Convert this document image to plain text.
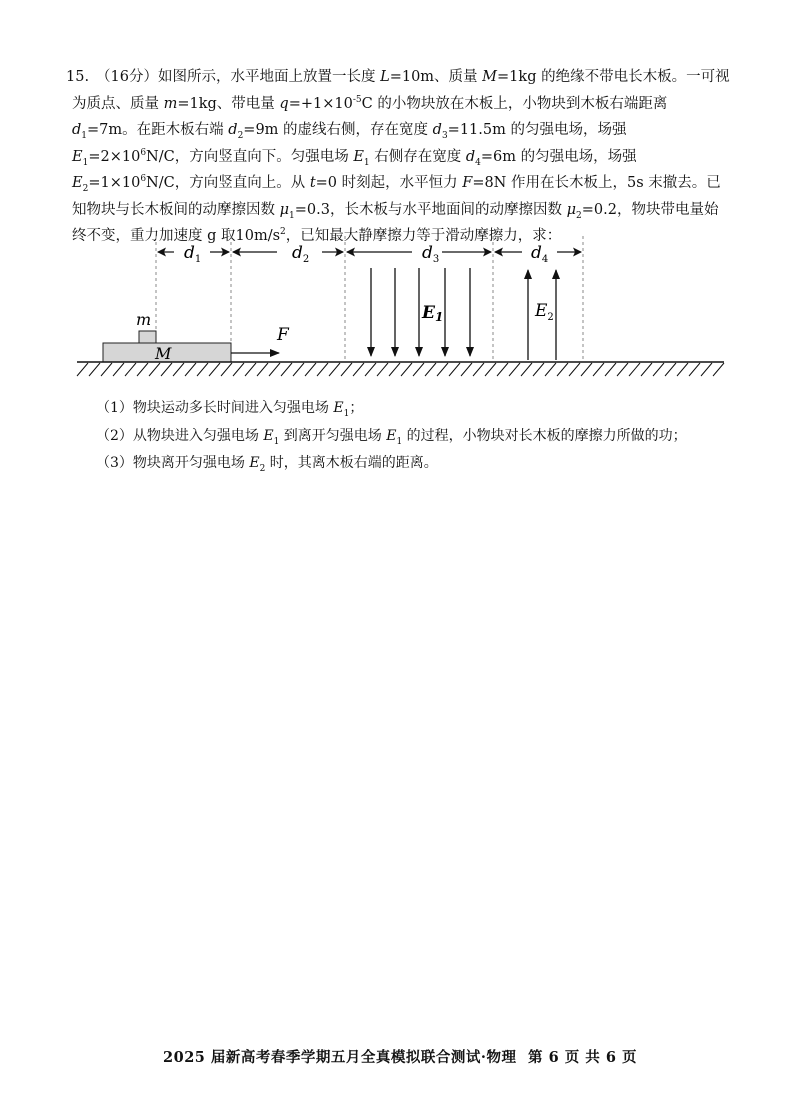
15. （16分）如图所示，水平地面上放置一长度 L=10m、质量 M=1kg 的绝缘不带电长木板。一可视为质点、质量 m=1kg、带电量 $q=+1\times 10^{-5}C$ 的小物块放在木板上，小物块到木板右端距离 $d_1=7m$。在距木板右端 $d_2=9m$ 的虚线右侧，存在宽度 $d_3=11.5m$ 的匀强电场，场强 $E_1=2\times 10^6N/C$，方向竖直向下。匀强电场 $E_1$ 右侧存在宽度 $d_4=6m$ 的匀强电场，场强 $E_2=1\times 10^6N/C$，方向竖直向上。从 t=0 时刻起，水平恒力 F=8N 作用在长木板上，5s 末撤去。已知物块与长木板间的动摩擦因数 $\mu_1=0.3$，长木板与水平地面间的动摩擦因数 $\mu_2=0.2$，物块带电量始终不变，重力加速度 g 取$10m/s^2$，已知最大静摩擦力等于滑动摩擦力，求：

$d_1$	$d_2$	$d_3$	$d_4$
E1	$E_2$
m
M
F

（1）物块运动多长时间进入匀强电场 $E_1$；

（2）从物块进入匀强电场 $E_1$ 到离开匀强电场 $E_1$ 的过程，小物块对长木板的摩擦力所做的功；

（3）物块离开匀强电场 $E_2$ 时，其离木板右端的距离。

2025 届新高考春季学期五月全真模拟联合测试·物理 第 6 页 共 6 页
